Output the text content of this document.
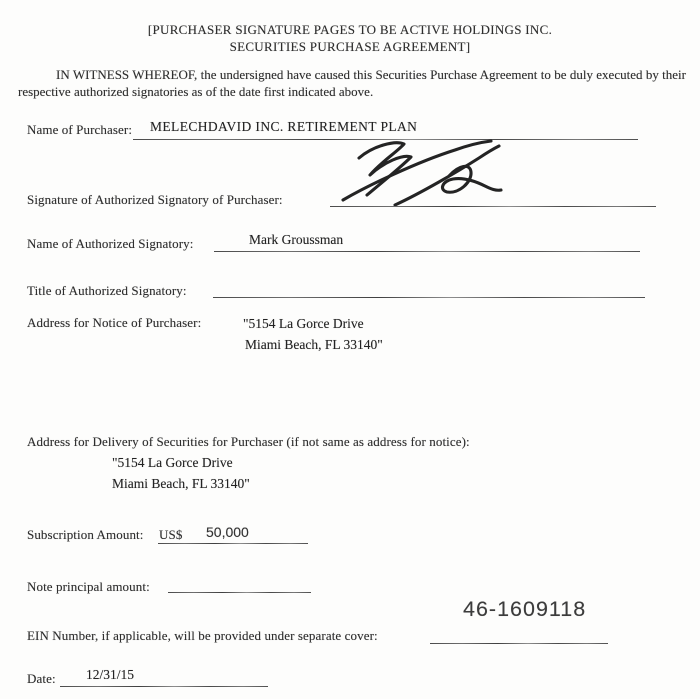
[PURCHASER SIGNATURE PAGES TO BE ACTIVE HOLDINGS INC.
SECURITIES PURCHASE AGREEMENT]
IN WITNESS WHEREOF, the undersigned have caused this Securities Purchase Agreement to be duly executed by their respective authorized signatories as of the date first indicated above.
Name of Purchaser: MELECHDAVID INC. RETIREMENT PLAN
Signature of Authorized Signatory of Purchaser:
Name of Authorized Signatory:	Mark Groussman
Title of Authorized Signatory:
Address for Notice of Purchaser:	"5154 La Gorce Drive
Miami Beach, FL 33140"
Address for Delivery of Securities for Purchaser (if not same as address for notice):
"5154 La Gorce Drive
Miami Beach, FL 33140"
Subscription Amount: US$ 50,000
Note principal amount:
46-1609118
EIN Number, if applicable, will be provided under separate cover:
Date: 12/31/15
